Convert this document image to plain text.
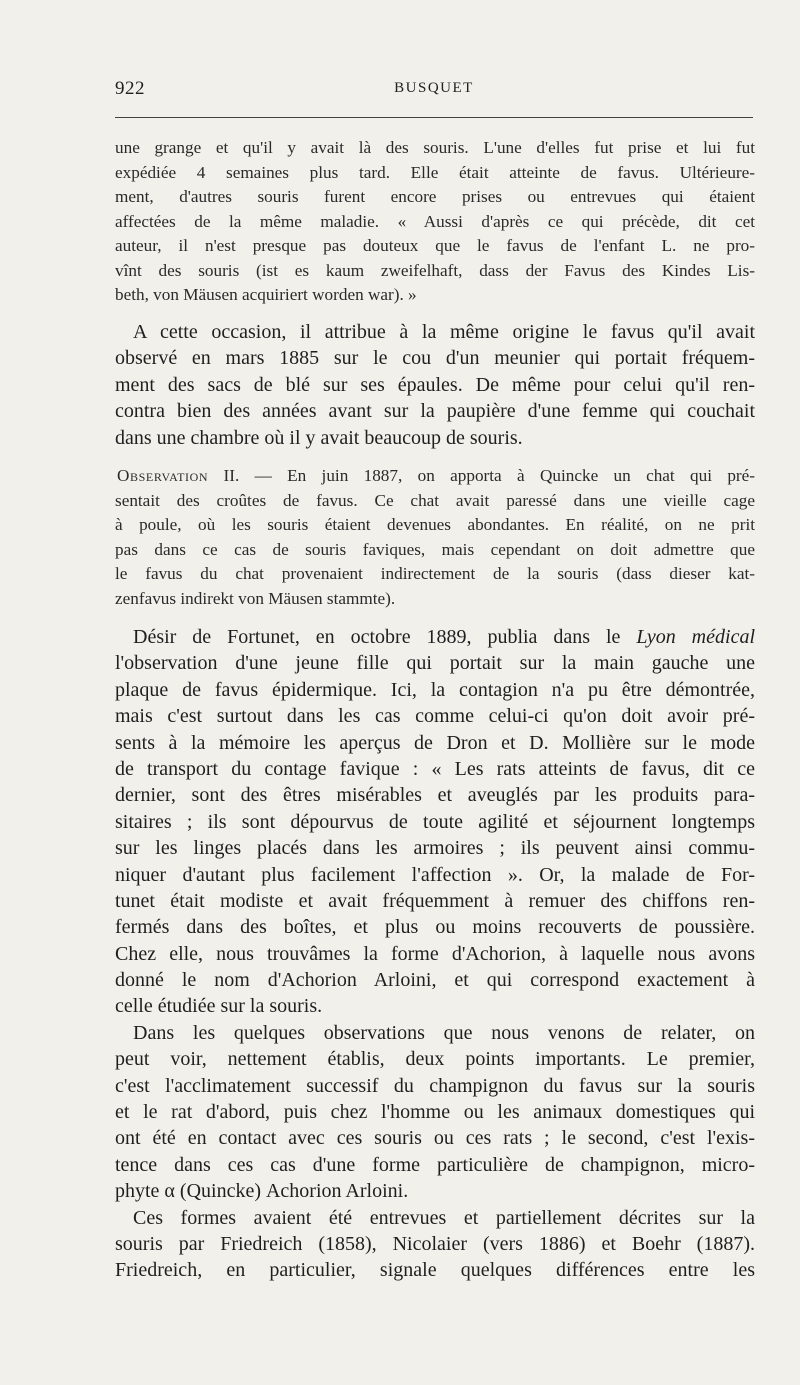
922	BUSQUET
une grange et qu'il y avait là des souris. L'une d'elles fut prise et lui fut
expédiée 4 semaines plus tard. Elle était atteinte de favus. Ultérieure-
ment, d'autres souris furent encore prises ou entrevues qui étaient
affectées de la même maladie. « Aussi d'après ce qui précède, dit cet
auteur, il n'est presque pas douteux que le favus de l'enfant L. ne pro-
vînt des souris (ist es kaum zweifelhaft, dass der Favus des Kindes Lis-
beth, von Mäusen acquiriert worden war). »
A cette occasion, il attribue à la même origine le favus qu'il avait
observé en mars 1885 sur le cou d'un meunier qui portait fréquem-
ment des sacs de blé sur ses épaules. De même pour celui qu'il ren-
contra bien des années avant sur la paupière d'une femme qui couchait
dans une chambre où il y avait beaucoup de souris.
Observation II. — En juin 1887, on apporta à Quincke un chat qui pré-
sentait des croûtes de favus. Ce chat avait paressé dans une vieille cage
à poule, où les souris étaient devenues abondantes. En réalité, on ne prit
pas dans ce cas de souris faviques, mais cependant on doit admettre que
le favus du chat provenaient indirectement de la souris (dass dieser kat-
zenfavus indirekt von Mäusen stammte).
Désir de Fortunet, en octobre 1889, publia dans le Lyon médical
l'observation d'une jeune fille qui portait sur la main gauche une
plaque de favus épidermique. Ici, la contagion n'a pu être démontrée,
mais c'est surtout dans les cas comme celui-ci qu'on doit avoir pré-
sents à la mémoire les aperçus de Dron et D. Mollière sur le mode
de transport du contage favique : « Les rats atteints de favus, dit ce
dernier, sont des êtres misérables et aveuglés par les produits para-
sitaires ; ils sont dépourvus de toute agilité et séjournent longtemps
sur les linges placés dans les armoires ; ils peuvent ainsi commu-
niquer d'autant plus facilement l'affection ». Or, la malade de For-
tunet était modiste et avait fréquemment à remuer des chiffons ren-
fermés dans des boîtes, et plus ou moins recouverts de poussière.
Chez elle, nous trouvâmes la forme d'Achorion, à laquelle nous avons
donné le nom d'Achorion Arloini, et qui correspond exactement à
celle étudiée sur la souris.
Dans les quelques observations que nous venons de relater, on
peut voir, nettement établis, deux points importants. Le premier,
c'est l'acclimatement successif du champignon du favus sur la souris
et le rat d'abord, puis chez l'homme ou les animaux domestiques qui
ont été en contact avec ces souris ou ces rats ; le second, c'est l'exis-
tence dans ces cas d'une forme particulière de champignon, micro-
phyte α (Quincke) Achorion Arloini.
Ces formes avaient été entrevues et partiellement décrites sur la
souris par Friedreich (1858), Nicolaier (vers 1886) et Boehr (1887).
Friedreich, en particulier, signale quelques différences entre les
